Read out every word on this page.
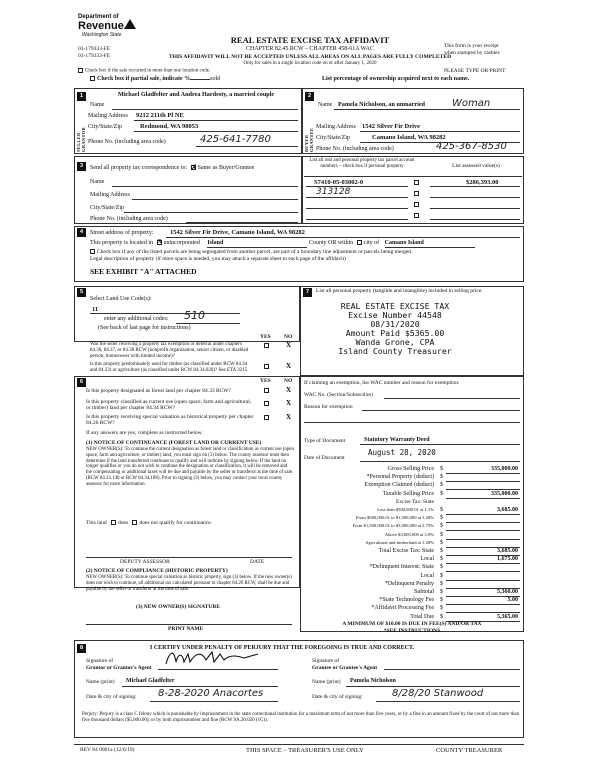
Department of
Revenue
Washington State
03-179333-FE
03-179333-FE
REAL ESTATE EXCISE TAX AFFIDAVIT
CHAPTER 82.45 RCW – CHAPTER 458-61A WAC
THIS AFFIDAVIT WILL NOT BE ACCEPTED UNLESS ALL AREAS ON ALL PAGES ARE FULLY COMPLETED
Only for sales in a single location code on or after January 1, 2020
This form is your receipt
when stamped by cashier.
Check box if the sale occurred in more than one location code.	PLEASE TYPE OR PRINT
Check box if partial sale, indicate %	sold	List percentage of ownership acquired next to each name.
1
Name
Michael Gladfelter and Andrea Hardesty, a married couple
SELLER GRANTOR
Mailing Address 9212 211th Pl NE
City/State/Zip	Redmond, WA 98053
Phone No. (including area code)	425-641-7780
2
Name Pamela Nicholson, an unmarried	Woman
BUYER GRANTEE
Mailing Address 1542 Silver Fir Drive
City/State/Zip	Camano Island, WA 98282
Phone No. (including area code)	425-367-8530
3	Send all property tax correspondence to: ✗ Same as Buyer/Grantee
Name
Mailing Address
City/State/Zip
Phone No. (including area code)
List all real and personal property tax parcel account numbers – check box if personal property	List assessed value(s)
S7410-05-03002-0	$286,393.00
313128
4	Street address of property:	1542 Silver Fir Drive, Camano Island, WA 98282
This property is located in X unincorporated Island	County OR within city of Camano Island
Check box if any of the listed parcels are being segregated from another parcel, are part of a boundary line adjustment or parcels being merged.
Legal description of property (if more space is needed, you may attach a separate sheet to each page of the affidavit)
SEE EXHIBIT "A" ATTACHED
5
Select Land Use Code(s):
11
enter any additional codes: 510
(See back of last page for instructions)
YES NO
Was the seller receiving a property tax exemption or deferral under chapters 84.36, 84.37, or 84.38 RCW (nonprofit organization, senior citizen, or disabled person, homeowner with limited income)?
X
Is this property predominately used for timber (as classified under RCW 84.34 and 84.33) or agriculture (as classified under RCW 84.34.020)? See ETA 3215
X
6	YES NO
Is this property designated as forest land per chapter 84.33 RCW?	X
Is this property classified as current use (open space, farm and agricultural, or timber) land per chapter 84.34 RCW?
X
Is this property receiving special valuation as historical property per chapter 84.26 RCW?
X
If any answers are yes, complete as instructed below.
(1) NOTICE OF CONTINUANCE (FOREST LAND OR CURRENT USE)
NEW OWNER(S): To continue the current designation as forest land or classification as current use (open space, farm and agriculture, or timber) land, you must sign on (3) below. The county assessor must then determine if the land transferred continues to qualify and will indicate by signing below. If the land no longer qualifies or you do not wish to continue the designation or classification, it will be removed and the compensating or additional taxes will be due and payable by the seller or transferor at the time of sale. (RCW 84.33.140 or RCW 84.34.108). Prior to signing (3) below, you may contact your local county assessor for more information.
This land does does not qualify for continuance.
DEPUTY ASSESSOR	DATE
(2) NOTICE OF COMPLIANCE (HISTORIC PROPERTY)
NEW OWNER(S): To continue special valuation as historic property, sign (3) below. If the new owner(s) does not wish to continue, all additional tax calculated pursuant to chapter 84.26 RCW, shall be due and payable by the seller or transferor at the time of sale.
(3) NEW OWNER(S) SIGNATURE
PRINT NAME
7	List all personal property (tangible and intangible) included in selling price.
REAL ESTATE EXCISE TAX
Excise Number 44548
08/31/2020
Amount Paid $5365.00
Wanda Grone, CPA
Island County Treasurer
If claiming an exemption, list WAC number and reason for exemption:
WAC No. (Section/Subsection)
Reason for exemption
Type of Document	Statutory Warranty Deed
Date of Document
August 28, 2020
Gross Selling Price $	335,000.00
*Personal Property (deduct) $
Exemption Claimed (deduct) $
Taxable Selling Price $	335,000.00
Excise Tax: State
Less than $500,000.01 at 1.1% $	3,685.00
From $500,000.01 to $1,500,000 at 1.28% $
From $1,500,000.01 to $3,000,000 at 2.75% $
Above $3,000,000 at 3.0% $
Agricultural and timberland at 1.28% $
Total Excise Tax: State $	3,685.00
Local $	1,675.00
*Delinquent Interest: State $
Local $
*Delinquent Penalty $
Subtotal $	5,360.00
*State Technology Fee $	5.00
*Affidavit Processing Fee $
Total Due $	5,365.00
A MINIMUM OF $10.00 IS DUE IN FEE(S) AND/OR TAX
*SEE INSTRUCTIONS
8	I CERTIFY UNDER PENALTY OF PERJURY THAT THE FOREGOING IS TRUE AND CORRECT.
Signature of
Grantor or Grantor's Agent
Signature of
Grantee or Grantee's Agent
Name (print) Michael Gladfelter	Name (print) Pamela Nicholson
Date & city of signing: 8-28-2020 Anacortes	Date & city of signing:	8/28/20 Stanwood
Perjury: Perjury is a class C felony which is punishable by imprisonment in the state correctional institution for a maximum term of not more than five years, or by a fine in an amount fixed by the court of not more than five thousand dollars ($5,000.00), or by both imprisonment and fine (RCW 9A.20.020 (1C)).
REV 84 0001a (12/6/19)	THIS SPACE – TREASURER'S USE ONLY	COUNTY TREASURER
